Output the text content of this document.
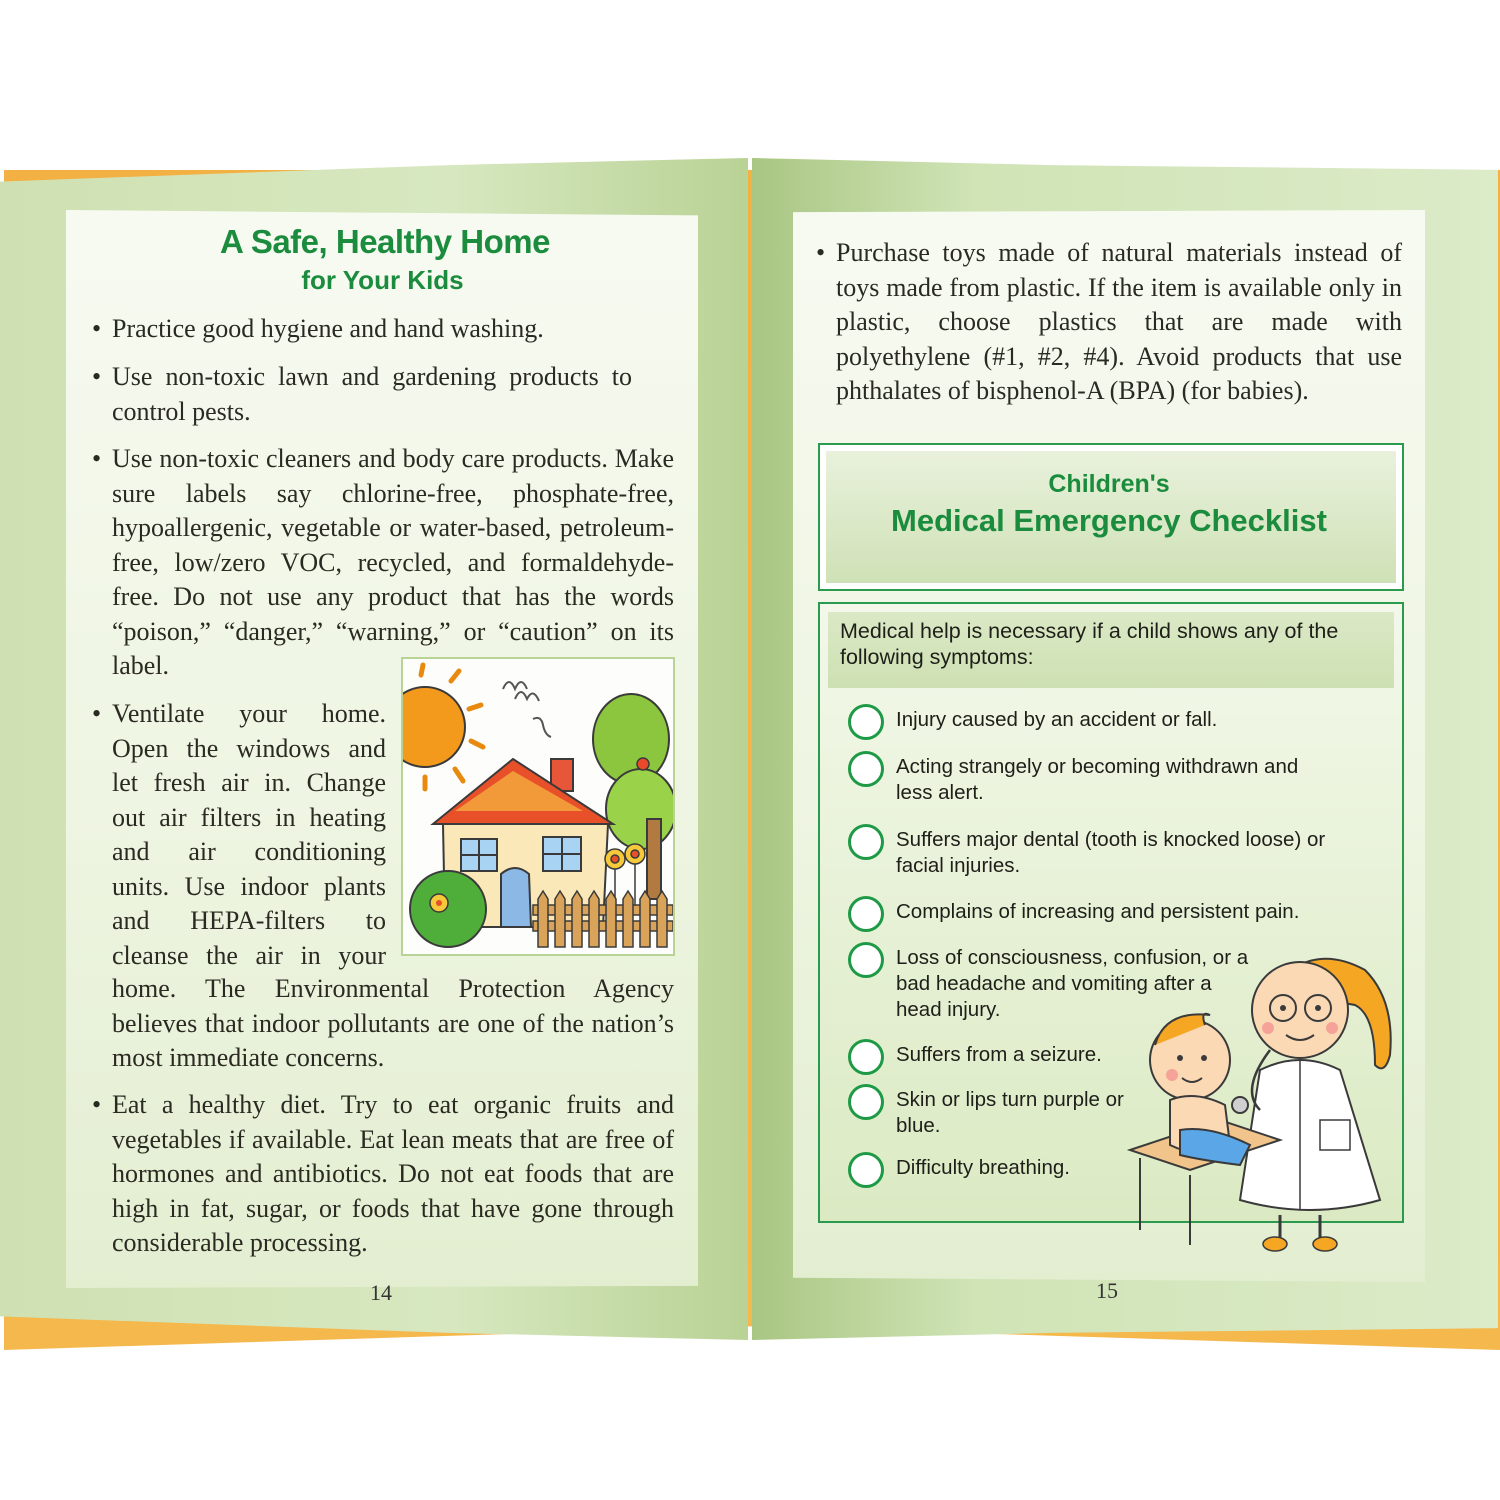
A Safe, Healthy Home
for Your Kids
• Practice good hygiene and hand washing.
• Use non-toxic lawn and gardening products to control pests.
• Use non-toxic cleaners and body care products. Make sure labels say chlorine-free, phosphate-free, hypoallergenic, vegetable or water-based, petroleum-free, low/zero VOC, recycled, and formaldehyde-free. Do not use any product that has the words “poison,” “danger,” “warning,” or “caution” on its label.
• Ventilate your home.
Open the windows and
let fresh air in. Change
out air filters in heating
and air conditioning
units. Use indoor plants
and HEPA-filters to
cleanse the air in your
home. The Environmental Protection Agency believes that indoor pollutants are one of the nation’s most immediate concerns.
• Eat a healthy diet. Try to eat organic fruits and vegetables if available. Eat lean meats that are free of hormones and antibiotics. Do not eat foods that are high in fat, sugar, or foods that have gone through considerable processing.
14
• Purchase toys made of natural materials instead of toys made from plastic. If the item is available only in plastic, choose plastics that are made with polyethylene (#1, #2, #4). Avoid products that use phthalates of bisphenol-A (BPA) (for babies).
Children's
Medical Emergency Checklist
Medical help is necessary if a child shows any of the following symptoms:
Injury caused by an accident or fall.
Acting strangely or becoming withdrawn and less alert.
Suffers major dental (tooth is knocked loose) or facial injuries.
Complains of increasing and persistent pain.
Loss of consciousness, confusion, or a bad headache and vomiting after a head injury.
Suffers from a seizure.
Skin or lips turn purple or blue.
Difficulty breathing.
15
